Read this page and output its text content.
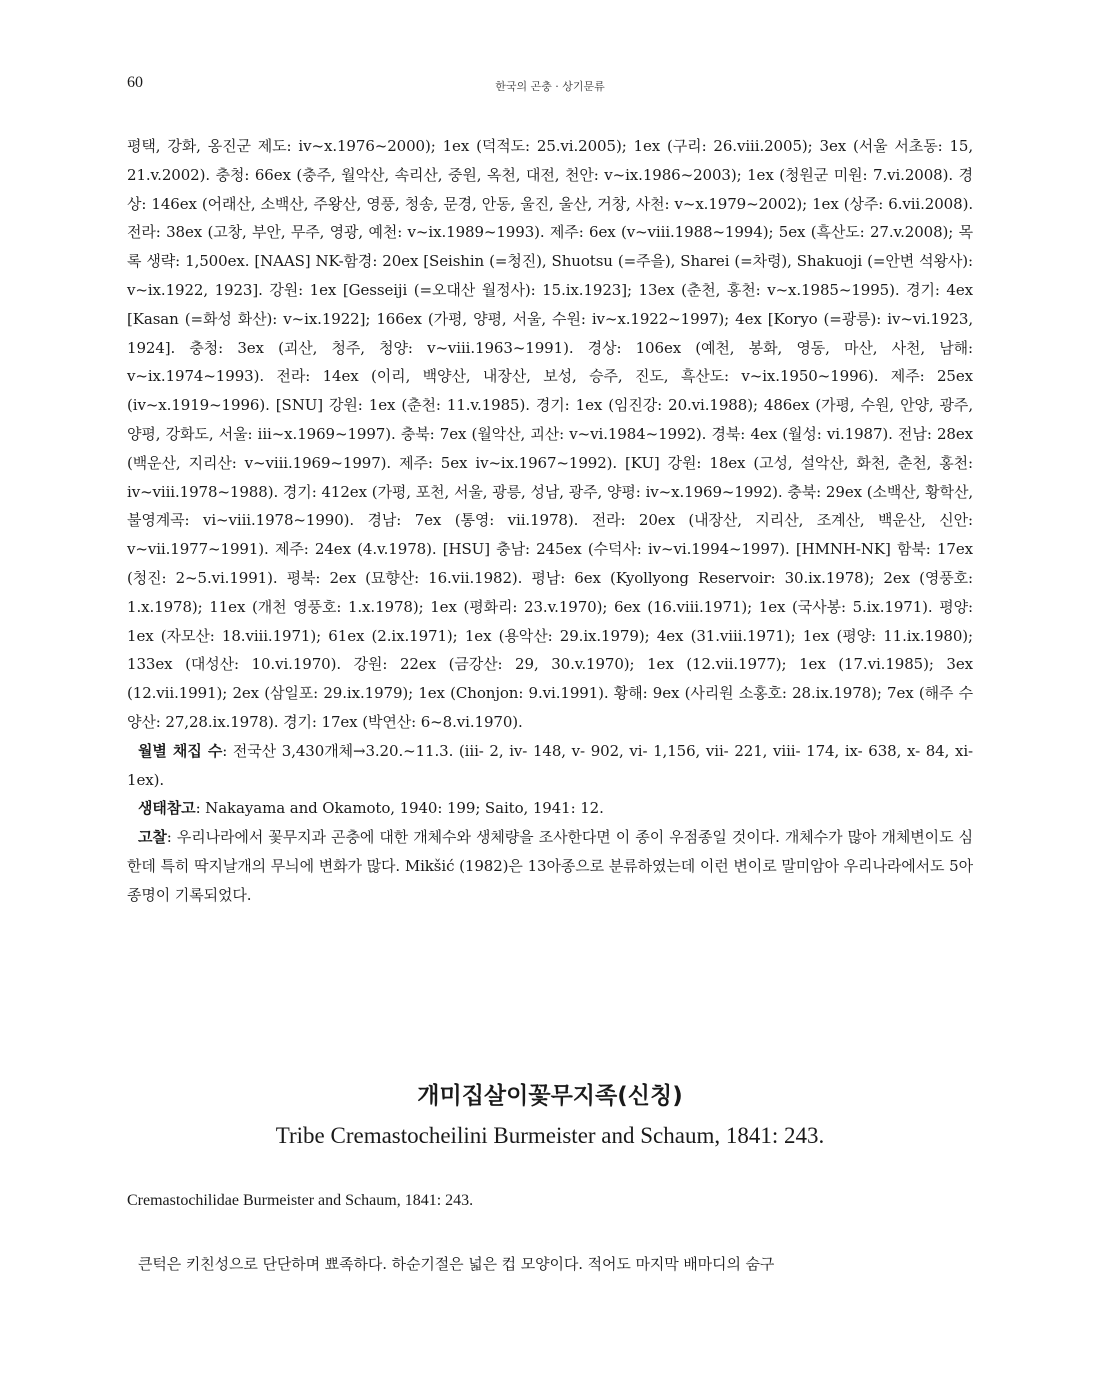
60	한국의 곤충 · 상기문류

평택, 강화, 옹진군 제도: iv~x.1976~2000); 1ex (덕적도: 25.vi.2005); 1ex (구리: 26.viii.2005); 3ex (서울 서초동: 15, 21.v.2002). 충청: 66ex (충주, 월악산, 속리산, 중원, 옥천, 대전, 천안: v~ix.1986~2003); 1ex (청원군 미원: 7.vi.2008). 경상: 146ex (어래산, 소백산, 주왕산, 영풍, 청송, 문경, 안동, 울진, 울산, 거창, 사천: v~x.1979~2002); 1ex (상주: 6.vii.2008). 전라: 38ex (고창, 부안, 무주, 영광, 예천: v~ix.1989~1993). 제주: 6ex (v~viii.1988~1994); 5ex (흑산도: 27.v.2008); 목록 생략: 1,500ex. [NAAS] NK-함경: 20ex [Seishin (=청진), Shuotsu (=주을), Sharei (=차령), Shakuoji (=안변 석왕사): v~ix.1922, 1923]. 강원: 1ex [Gesseiji (=오대산 월정사): 15.ix.1923]; 13ex (춘천, 홍천: v~x.1985~1995). 경기: 4ex [Kasan (=화성 화산): v~ix.1922]; 166ex (가평, 양평, 서울, 수원: iv~x.1922~1997); 4ex [Koryo (=광릉): iv~vi.1923, 1924]. 충청: 3ex (괴산, 청주, 청양: v~viii.1963~1991). 경상: 106ex (예천, 봉화, 영동, 마산, 사천, 남해: v~ix.1974~1993). 전라: 14ex (이리, 백양산, 내장산, 보성, 승주, 진도, 흑산도: v~ix.1950~1996). 제주: 25ex (iv~x.1919~1996). [SNU] 강원: 1ex (춘천: 11.v.1985). 경기: 1ex (임진강: 20.vi.1988); 486ex (가평, 수원, 안양, 광주, 양평, 강화도, 서울: iii~x.1969~1997). 충북: 7ex (월악산, 괴산: v~vi.1984~1992). 경북: 4ex (월성: vi.1987). 전남: 28ex (백운산, 지리산: v~viii.1969~1997). 제주: 5ex iv~ix.1967~1992). [KU] 강원: 18ex (고성, 설악산, 화천, 춘천, 홍천: iv~viii.1978~1988). 경기: 412ex (가평, 포천, 서울, 광릉, 성남, 광주, 양평: iv~x.1969~1992). 충북: 29ex (소백산, 황학산, 불영계곡: vi~viii.1978~1990). 경남: 7ex (통영: vii.1978). 전라: 20ex (내장산, 지리산, 조계산, 백운산, 신안: v~vii.1977~1991). 제주: 24ex (4.v.1978). [HSU] 충남: 245ex (수덕사: iv~vi.1994~1997). [HMNH-NK] 함북: 17ex (청진: 2~5.vi.1991). 평북: 2ex (묘향산: 16.vii.1982). 평남: 6ex (Kyollyong Reservoir: 30.ix.1978); 2ex (영풍호: 1.x.1978); 11ex (개천 영풍호: 1.x.1978); 1ex (평화리: 23.v.1970); 6ex (16.viii.1971); 1ex (국사봉: 5.ix.1971). 평양: 1ex (자모산: 18.viii.1971); 61ex (2.ix.1971); 1ex (용악산: 29.ix.1979); 4ex (31.viii.1971); 1ex (평양: 11.ix.1980); 133ex (대성산: 10.vi.1970). 강원: 22ex (금강산: 29, 30.v.1970); 1ex (12.vii.1977); 1ex (17.vi.1985); 3ex (12.vii.1991); 2ex (삼일포: 29.ix.1979); 1ex (Chonjon: 9.vi.1991). 황해: 9ex (사리원 소홍호: 28.ix.1978); 7ex (해주 수양산: 27,28.ix.1978). 경기: 17ex (박연산: 6~8.vi.1970).

월별 채집 수: 전국산 3,430개체→3.20.~11.3. (iii- 2, iv- 148, v- 902, vi- 1,156, vii- 221, viii- 174, ix- 638, x- 84, xi- 1ex).

생태참고: Nakayama and Okamoto, 1940: 199; Saito, 1941: 12.

고찰: 우리나라에서 꽃무지과 곤충에 대한 개체수와 생체량을 조사한다면 이 종이 우점종일 것이다. 개체수가 많아 개체변이도 심한데 특히 딱지날개의 무늬에 변화가 많다. Mikšić (1982)은 13아종으로 분류하였는데 이런 변이로 말미암아 우리나라에서도 5아종명이 기록되었다.

개미집살이꽃무지족(신칭)
Tribe Cremastocheilini Burmeister and Schaum, 1841: 243.
Cremastochilidae Burmeister and Schaum, 1841: 243.
큰턱은 키친성으로 단단하며 뾰족하다. 하순기절은 넓은 컵 모양이다. 적어도 마지막 배마디의 숨구
